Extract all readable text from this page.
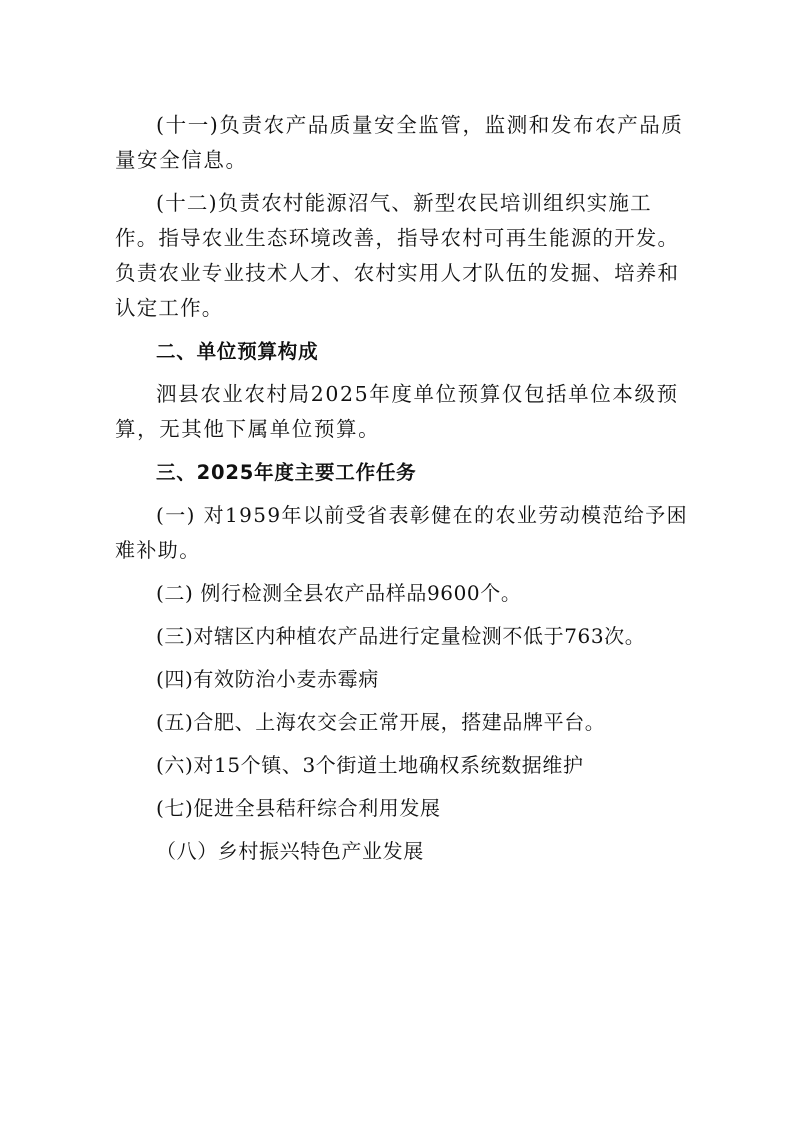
(十一)负责农产品质量安全监管，监测和发布农产品质量安全信息。

(十二)负责农村能源沼气、新型农民培训组织实施工作。指导农业生态环境改善，指导农村可再生能源的开发。负责农业专业技术人才、农村实用人才队伍的发掘、培养和认定工作。

二、单位预算构成

泗县农业农村局2025年度单位预算仅包括单位本级预算，无其他下属单位预算。

三、2025年度主要工作任务

(一) 对1959年以前受省表彰健在的农业劳动模范给予困
难补助。

(二) 例行检测全县农产品样品9600个。

(三)对辖区内种植农产品进行定量检测不低于763次。

(四)有效防治小麦赤霉病

(五)合肥、上海农交会正常开展，搭建品牌平台。

(六)对15个镇、3个街道土地确权系统数据维护

(七)促进全县秸秆综合利用发展

（八）乡村振兴特色产业发展
